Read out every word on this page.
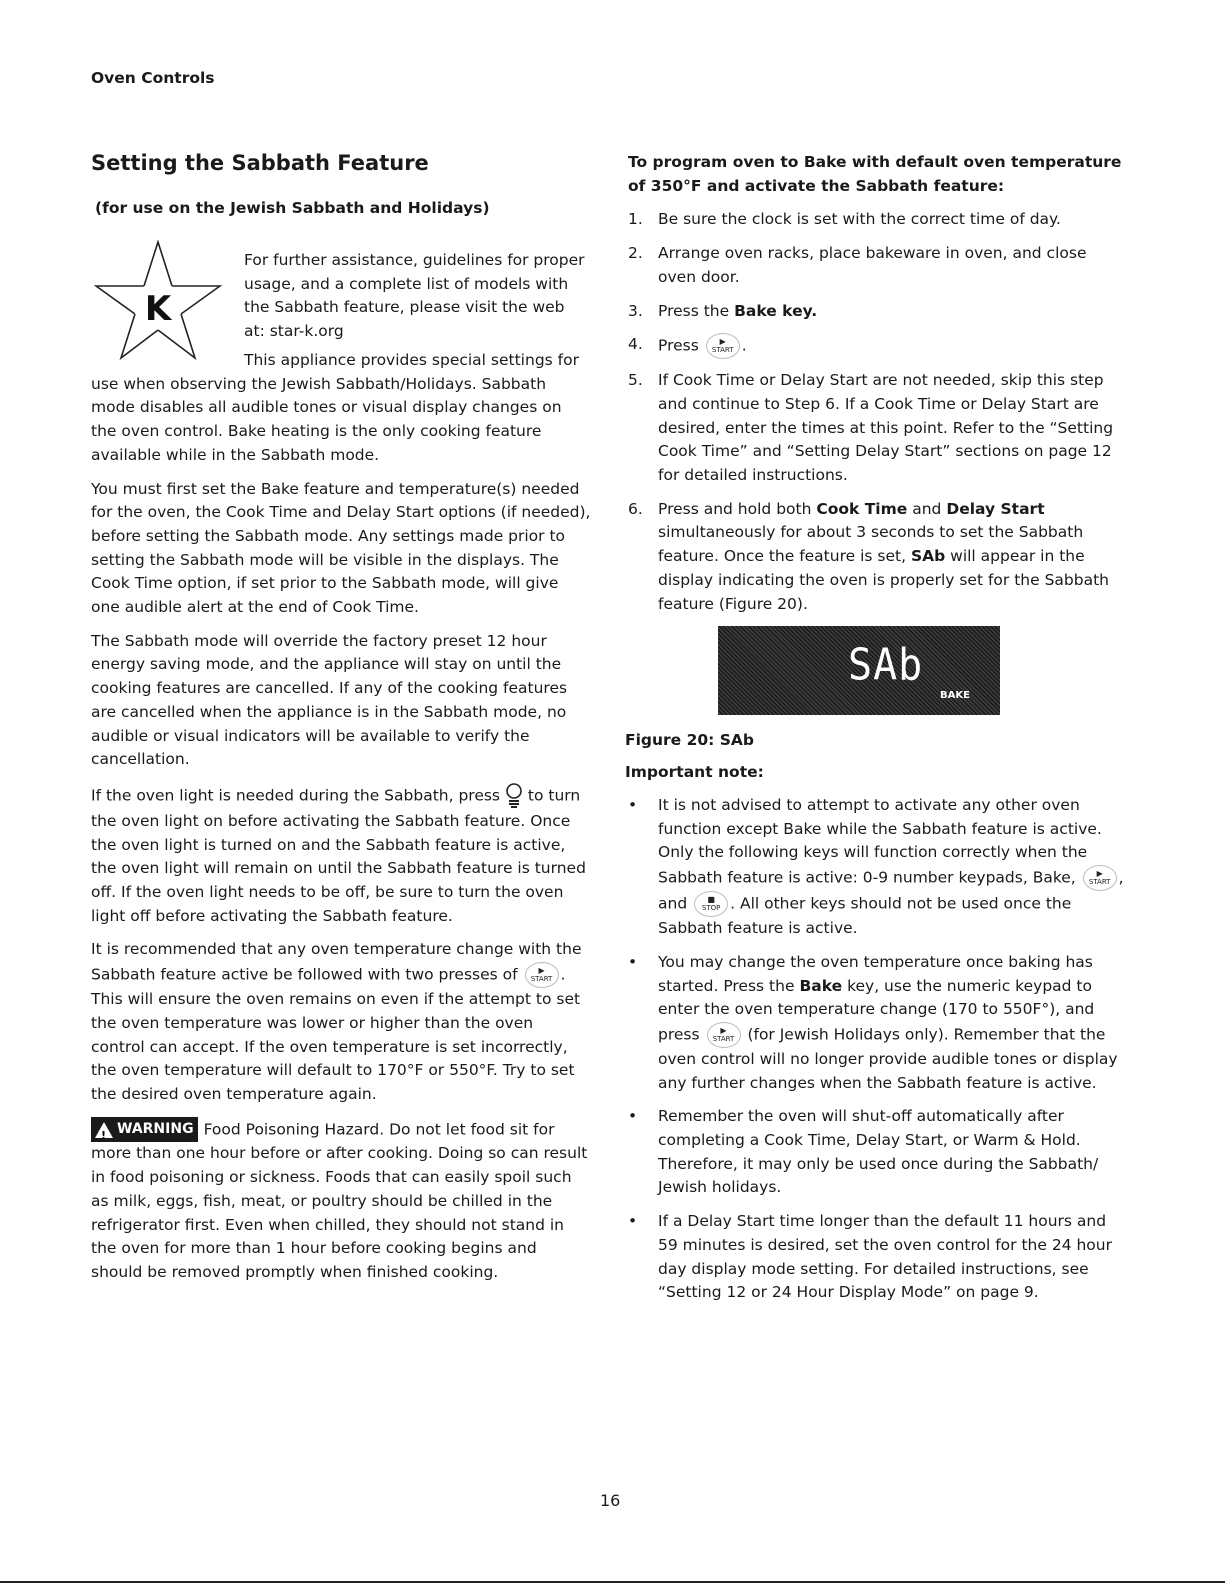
Oven Controls
Setting the Sabbath Feature
(for use on the Jewish Sabbath and Holidays)
K

For further assistance, guidelines for proper usage, and a complete list of models with the Sabbath feature, please visit the web at: star-k.org

This appliance provides special settings for use when observing the Jewish Sabbath/Holidays. Sabbath mode disables all audible tones or visual display changes on the oven control. Bake heating is the only cooking feature available while in the Sabbath mode.

You must first set the Bake feature and temperature(s) needed for the oven, the Cook Time and Delay Start options (if needed), before setting the Sabbath mode. Any settings made prior to setting the Sabbath mode will be visible in the displays. The Cook Time option, if set prior to the Sabbath mode, will give one audible alert at the end of Cook Time.

The Sabbath mode will override the factory preset 12 hour energy saving mode, and the appliance will stay on until the cooking features are cancelled. If any of the cooking features are cancelled when the appliance is in the Sabbath mode, no audible or visual indicators will be available to verify the cancellation.

If the oven light is needed during the Sabbath, press to turn the oven light on before activating the Sabbath feature. Once the oven light is turned on and the Sabbath feature is active, the oven light will remain on until the Sabbath feature is turned off. If the oven light needs to be off, be sure to turn the oven light off before activating the Sabbath feature.

It is recommended that any oven temperature change with the Sabbath feature active be followed with two presses of	▶
START . This will ensure the oven remains on even if the attempt to set the oven temperature was lower or higher than the oven control can accept. If the oven temperature is set incorrectly, the oven temperature will default to 170°F or 550°F. Try to set the desired oven temperature again.

!
WARNING Food Poisoning Hazard. Do not let food sit for more than one hour before or after cooking. Doing so can result in food poisoning or sickness. Foods that can easily spoil such as milk, eggs, fish, meat, or poultry should be chilled in the refrigerator first. Even when chilled, they should not stand in the oven for more than 1 hour before cooking begins and should be removed promptly when finished cooking.

To program oven to Bake with default oven temperature of 350°F and activate the Sabbath feature:

1. Be sure the clock is set with the correct time of day.
2. Arrange oven racks, place bakeware in oven, and close oven door.
3. Press the Bake key.
4. Press	▶
START .
5. If Cook Time or Delay Start are not needed, skip this step and continue to Step 6. If a Cook Time or Delay Start are desired, enter the times at this point. Refer to the “Setting Cook Time” and “Setting Delay Start” sections on page 12 for detailed instructions.
6. Press and hold both Cook Time and Delay Start simultaneously for about 3 seconds to set the Sabbath feature. Once the feature is set, SAb will appear in the display indicating the oven is properly set for the Sabbath feature (Figure 20).
SAb
BAKE
Figure 20: SAb
Important note:
• It is not advised to attempt to activate any other oven function except Bake while the Sabbath feature is active. Only the following keys will function correctly when the Sabbath feature is active: 0-9 number keypads, Bake,	▶
START , and	■
STOP . All other keys should not be used once the Sabbath feature is active.
• You may change the oven temperature once baking has started. Press the Bake key, use the numeric keypad to enter the oven temperature change (170 to 550F°), and press	▶
START (for Jewish Holidays only). Remember that the oven control will no longer provide audible tones or display any further changes when the Sabbath feature is active.
• Remember the oven will shut-off automatically after completing a Cook Time, Delay Start, or Warm & Hold. Therefore, it may only be used once during the Sabbath/ Jewish holidays.
• If a Delay Start time longer than the default 11 hours and 59 minutes is desired, set the oven control for the 24 hour day display mode setting. For detailed instructions, see “Setting 12 or 24 Hour Display Mode” on page 9.
16
